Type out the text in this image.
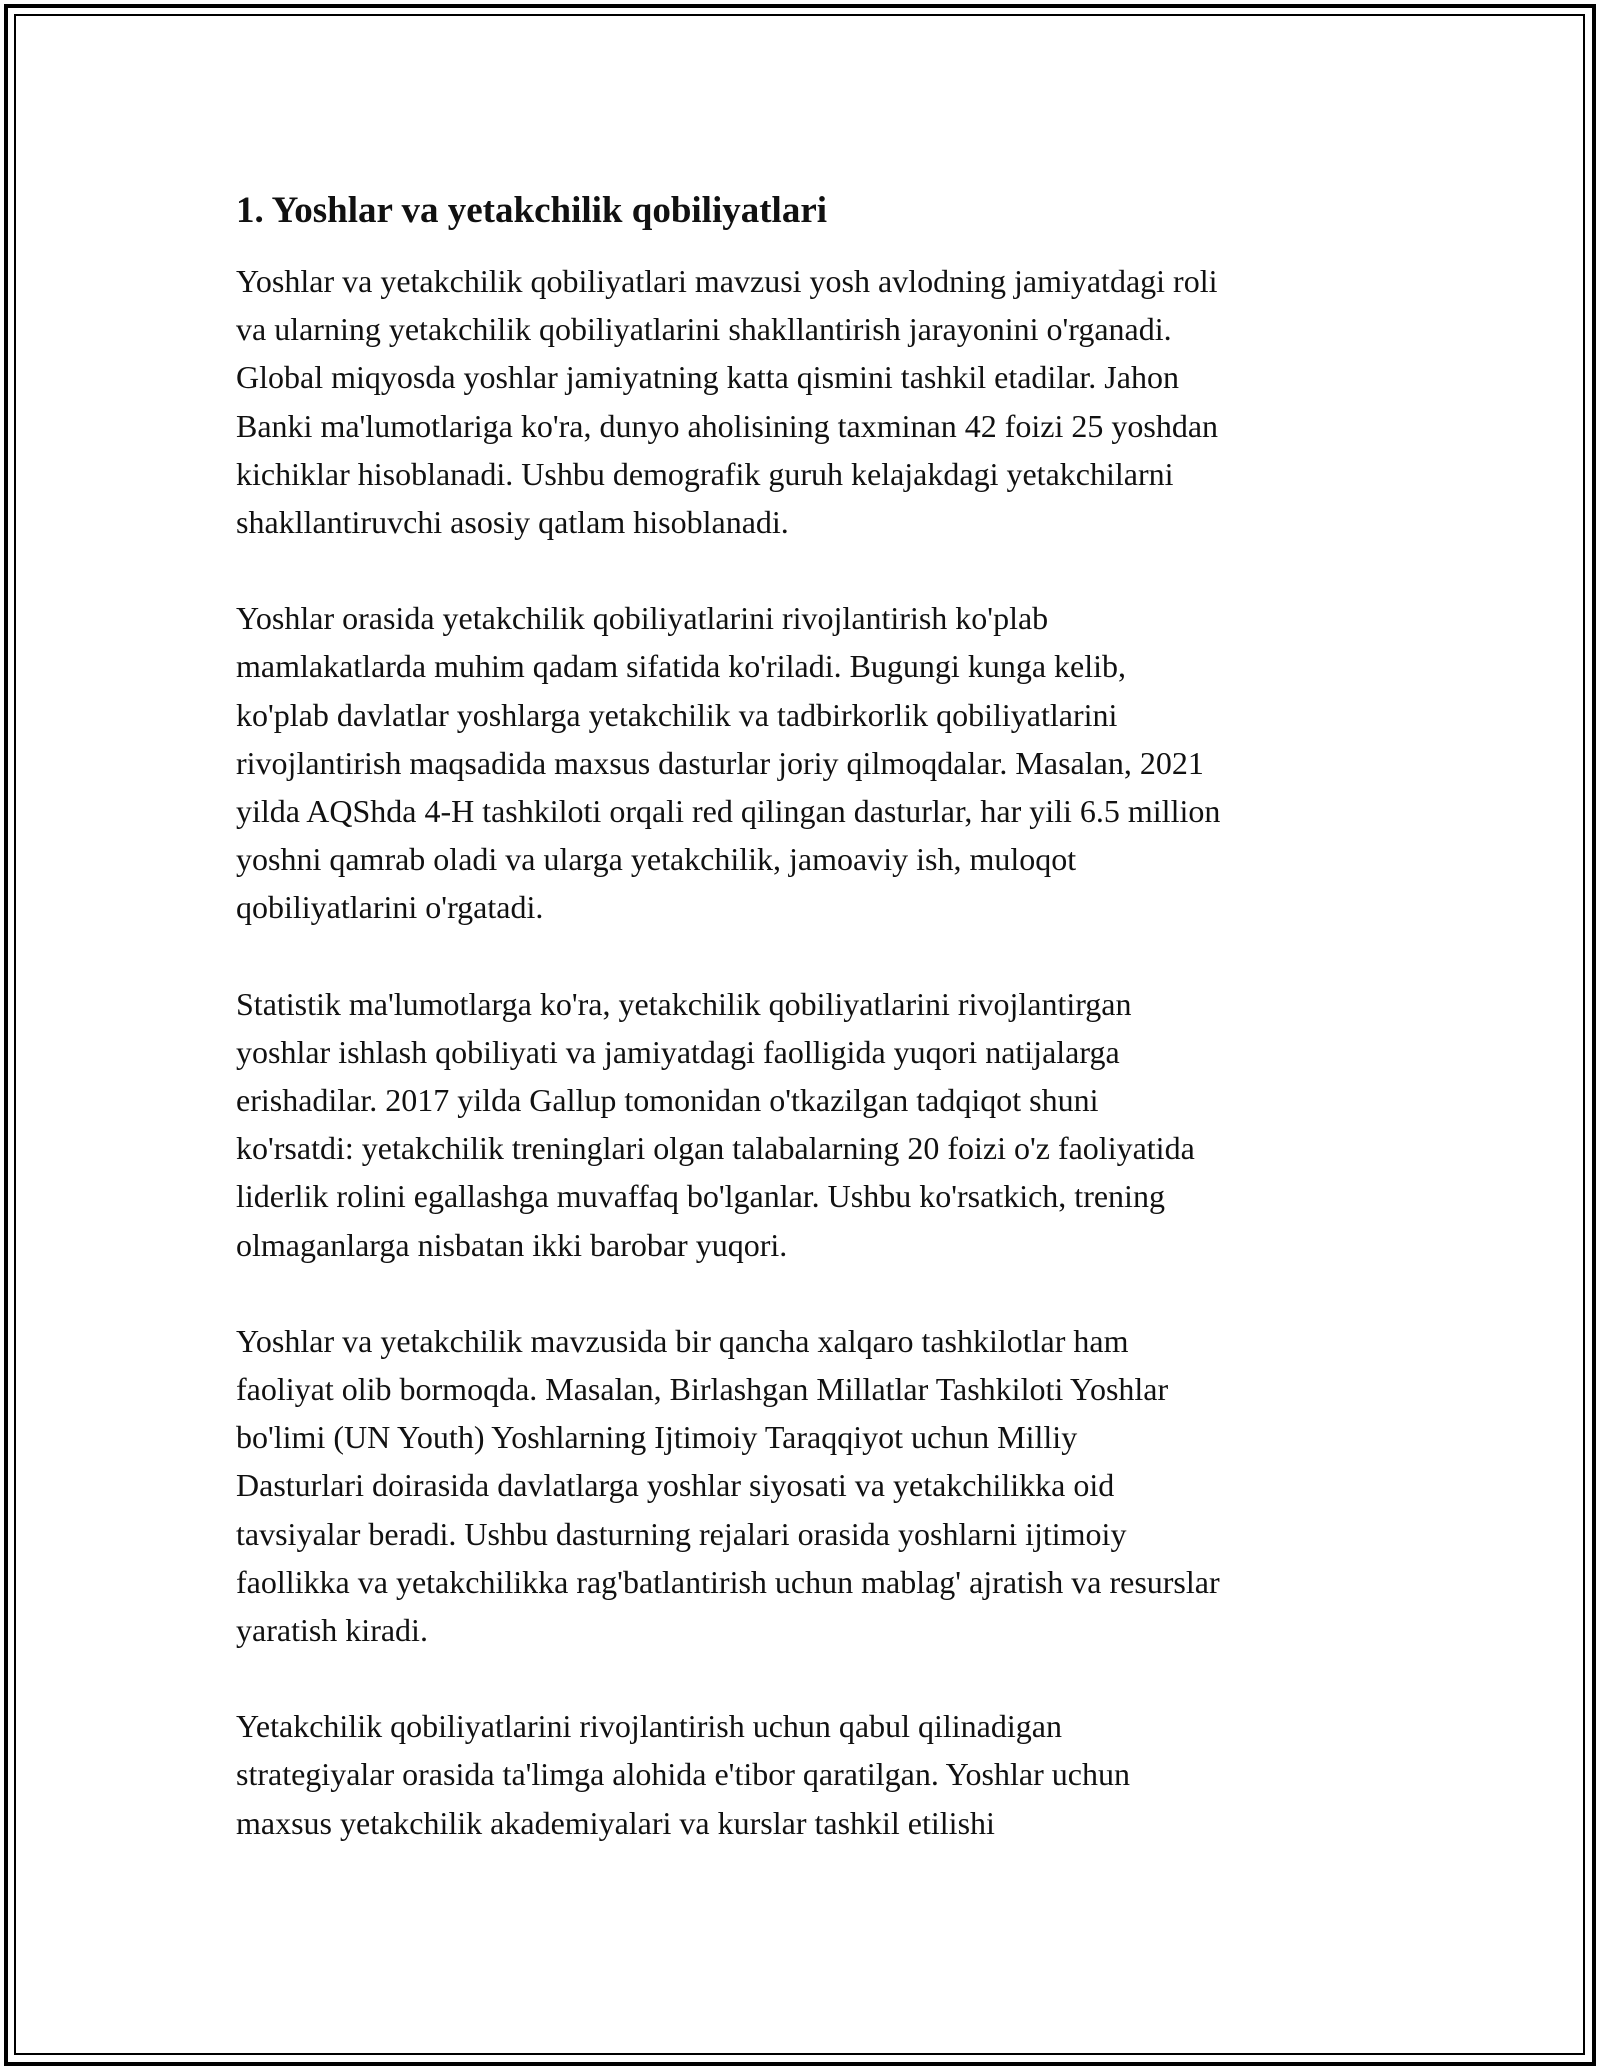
1. Yoshlar va yetakchilik qobiliyatlari

Yoshlar va yetakchilik qobiliyatlari mavzusi yosh avlodning jamiyatdagi roli
va ularning yetakchilik qobiliyatlarini shakllantirish jarayonini o'rganadi.
Global miqyosda yoshlar jamiyatning katta qismini tashkil etadilar. Jahon
Banki ma'lumotlariga ko'ra, dunyo aholisining taxminan 42 foizi 25 yoshdan
kichiklar hisoblanadi. Ushbu demografik guruh kelajakdagi yetakchilarni
shakllantiruvchi asosiy qatlam hisoblanadi.

Yoshlar orasida yetakchilik qobiliyatlarini rivojlantirish ko'plab
mamlakatlarda muhim qadam sifatida ko'riladi. Bugungi kunga kelib,
ko'plab davlatlar yoshlarga yetakchilik va tadbirkorlik qobiliyatlarini
rivojlantirish maqsadida maxsus dasturlar joriy qilmoqdalar. Masalan, 2021
yilda AQShda 4-H tashkiloti orqali red qilingan dasturlar, har yili 6.5 million
yoshni qamrab oladi va ularga yetakchilik, jamoaviy ish, muloqot
qobiliyatlarini o'rgatadi.

Statistik ma'lumotlarga ko'ra, yetakchilik qobiliyatlarini rivojlantirgan
yoshlar ishlash qobiliyati va jamiyatdagi faolligida yuqori natijalarga
erishadilar. 2017 yilda Gallup tomonidan o'tkazilgan tadqiqot shuni
ko'rsatdi: yetakchilik treninglari olgan talabalarning 20 foizi o'z faoliyatida
liderlik rolini egallashga muvaffaq bo'lganlar. Ushbu ko'rsatkich, trening
olmaganlarga nisbatan ikki barobar yuqori.

Yoshlar va yetakchilik mavzusida bir qancha xalqaro tashkilotlar ham
faoliyat olib bormoqda. Masalan, Birlashgan Millatlar Tashkiloti Yoshlar
bo'limi (UN Youth) Yoshlarning Ijtimoiy Taraqqiyot uchun Milliy
Dasturlari doirasida davlatlarga yoshlar siyosati va yetakchilikka oid
tavsiyalar beradi. Ushbu dasturning rejalari orasida yoshlarni ijtimoiy
faollikka va yetakchilikka rag'batlantirish uchun mablag' ajratish va resurslar
yaratish kiradi.

Yetakchilik qobiliyatlarini rivojlantirish uchun qabul qilinadigan
strategiyalar orasida ta'limga alohida e'tibor qaratilgan. Yoshlar uchun
maxsus yetakchilik akademiyalari va kurslar tashkil etilishi
